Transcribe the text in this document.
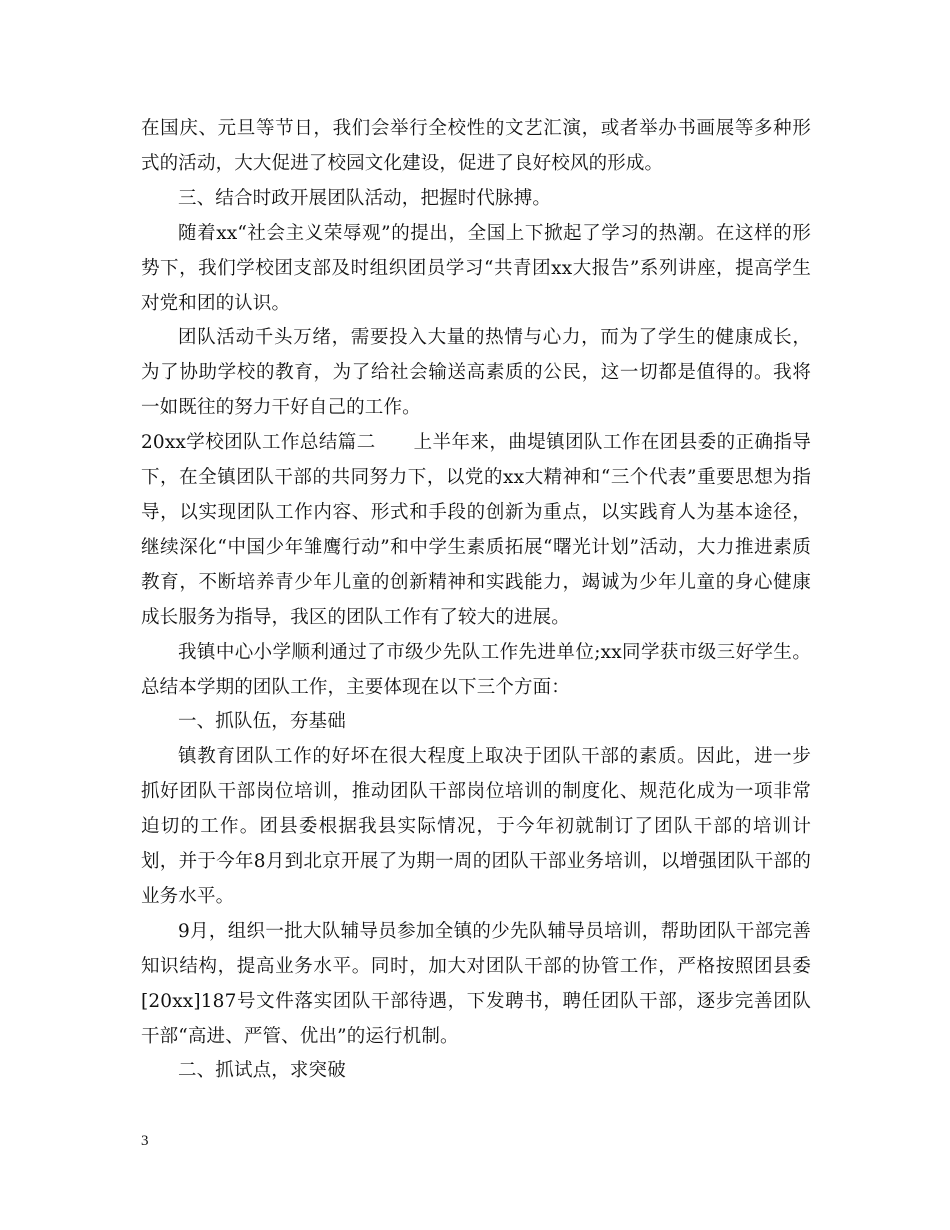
在国庆、元旦等节日，我们会举行全校性的文艺汇演，或者举办书画展等多种形式的活动，大大促进了校园文化建设，促进了良好校风的形成。

三、结合时政开展团队活动，把握时代脉搏。

随着xx“社会主义荣辱观”的提出，全国上下掀起了学习的热潮。在这样的形势下，我们学校团支部及时组织团员学习“共青团xx大报告”系列讲座，提高学生对党和团的认识。

团队活动千头万绪，需要投入大量的热情与心力，而为了学生的健康成长，为了协助学校的教育，为了给社会输送高素质的公民，这一切都是值得的。我将一如既往的努力干好自己的工作。

20xx学校团队工作总结篇二　　上半年来，曲堤镇团队工作在团县委的正确指导下，在全镇团队干部的共同努力下，以党的xx大精神和“三个代表”重要思想为指导，以实现团队工作内容、形式和手段的创新为重点，以实践育人为基本途径，继续深化“中国少年雏鹰行动”和中学生素质拓展“曙光计划”活动，大力推进素质教育，不断培养青少年儿童的创新精神和实践能力，竭诚为少年儿童的身心健康成长服务为指导，我区的团队工作有了较大的进展。

我镇中心小学顺利通过了市级少先队工作先进单位;xx同学获市级三好学生。总结本学期的团队工作，主要体现在以下三个方面：

一、抓队伍，夯基础

镇教育团队工作的好坏在很大程度上取决于团队干部的素质。因此，进一步抓好团队干部岗位培训，推动团队干部岗位培训的制度化、规范化成为一项非常迫切的工作。团县委根据我县实际情况，于今年初就制订了团队干部的培训计划，并于今年8月到北京开展了为期一周的团队干部业务培训，以增强团队干部的业务水平。

9月，组织一批大队辅导员参加全镇的少先队辅导员培训，帮助团队干部完善知识结构，提高业务水平。同时，加大对团队干部的协管工作，严格按照团县委[20xx]187号文件落实团队干部待遇，下发聘书，聘任团队干部，逐步完善团队干部“高进、严管、优出”的运行机制。

二、抓试点，求突破

3
